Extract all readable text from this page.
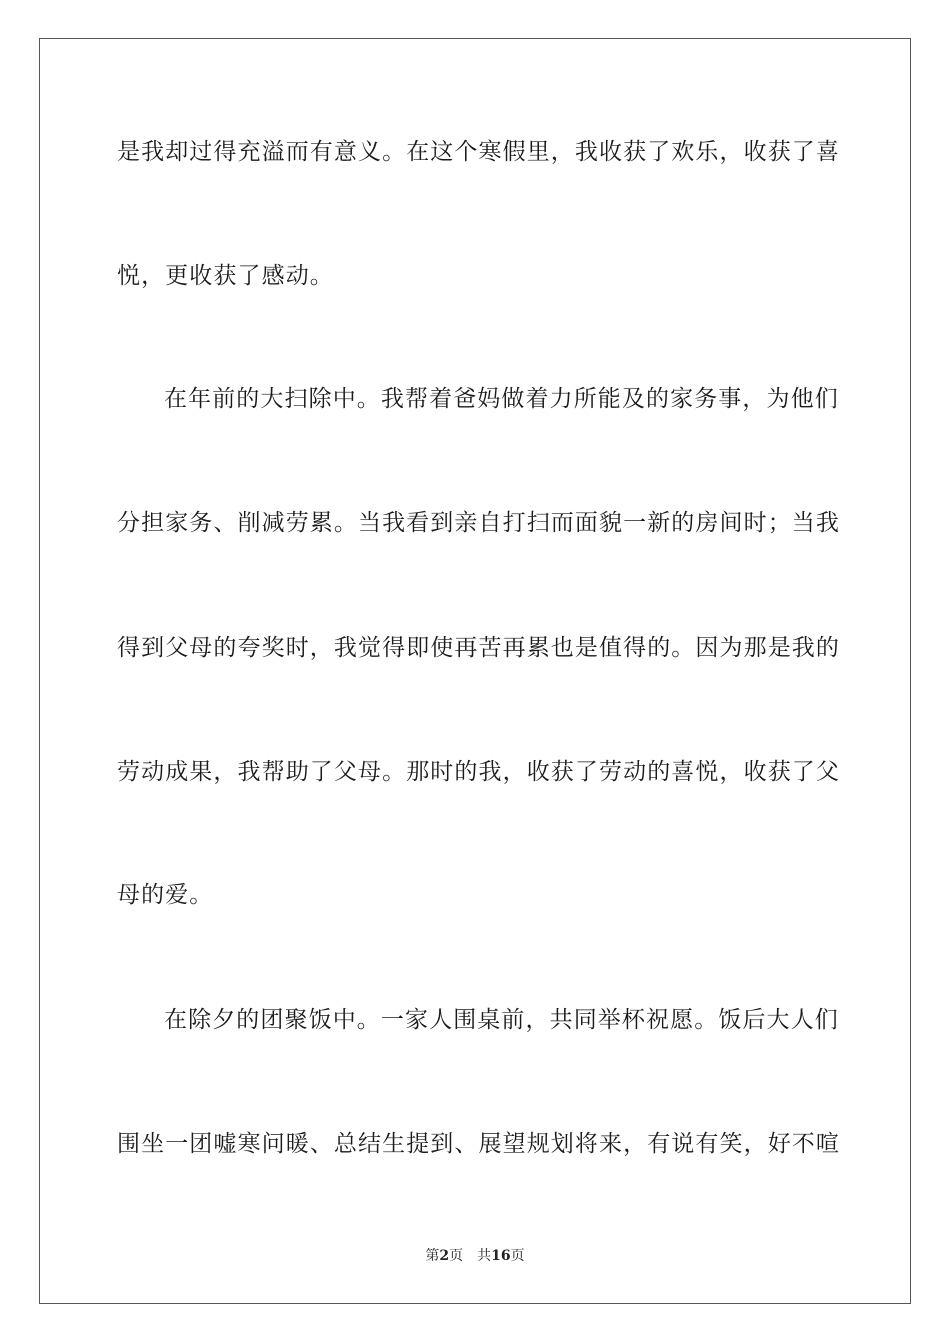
是我却过得充溢而有意义。在这个寒假里，我收获了欢乐，收获了喜
悦，更收获了感动。
在年前的大扫除中。我帮着爸妈做着力所能及的家务事，为他们
分担家务、削减劳累。当我看到亲自打扫而面貌一新的房间时；当我
得到父母的夸奖时，我觉得即使再苦再累也是值得的。因为那是我的
劳动成果，我帮助了父母。那时的我，收获了劳动的喜悦，收获了父
母的爱。
在除夕的团聚饭中。一家人围桌前，共同举杯祝愿。饭后大人们
围坐一团嘘寒问暖、总结生提到、展望规划将来，有说有笑，好不喧
第2页 共16页
